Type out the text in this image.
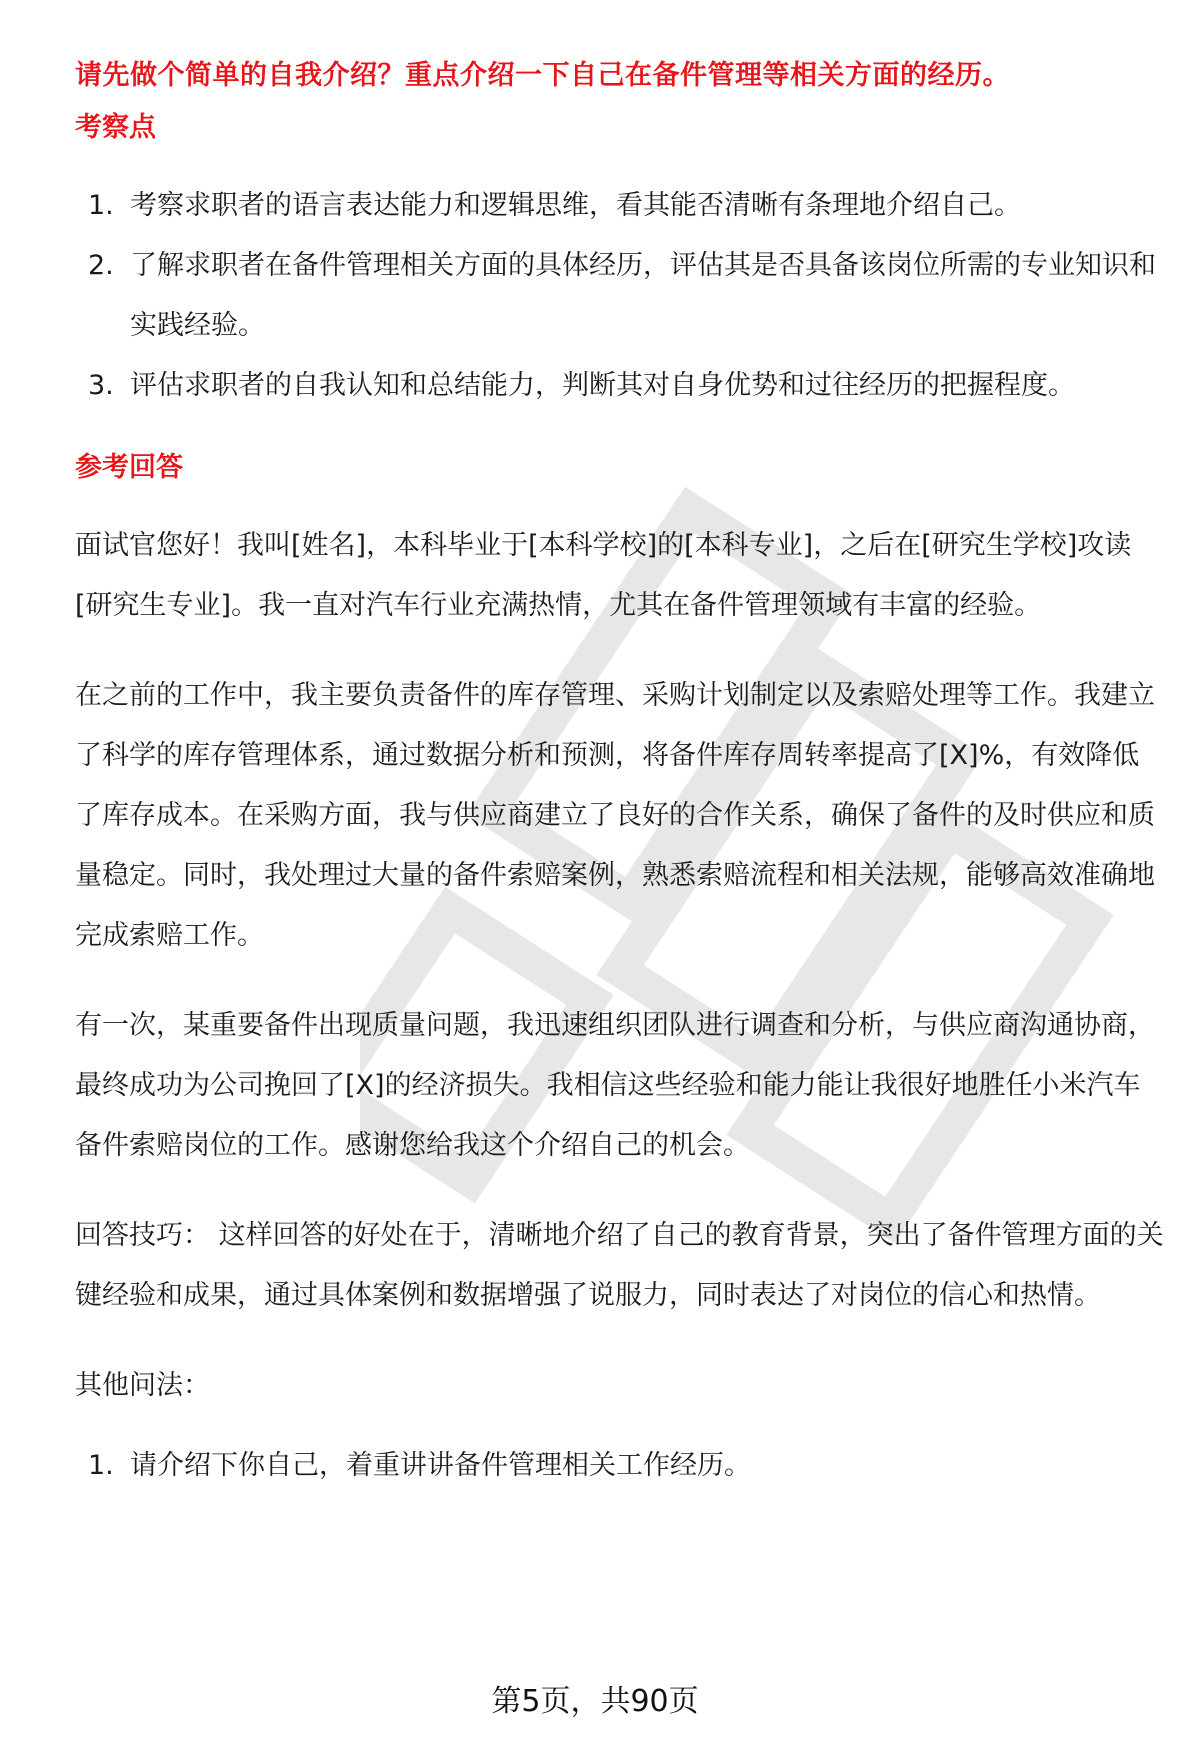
请先做个简单的自我介绍？重点介绍一下自己在备件管理等相关方面的经历。

考察点

1. 考察求职者的语言表达能力和逻辑思维，看其能否清晰有条理地介绍自己。
2. 了解求职者在备件管理相关方面的具体经历，评估其是否具备该岗位所需的专业知识和实践经验。
3. 评估求职者的自我认知和总结能力，判断其对自身优势和过往经历的把握程度。

参考回答

面试官您好！我叫[姓名]，本科毕业于[本科学校]的[本科专业]，之后在[研究生学校]攻读[研究生专业]。我一直对汽车行业充满热情，尤其在备件管理领域有丰富的经验。

在之前的工作中，我主要负责备件的库存管理、采购计划制定以及索赔处理等工作。我建立了科学的库存管理体系，通过数据分析和预测，将备件库存周转率提高了[X]%，有效降低了库存成本。在采购方面，我与供应商建立了良好的合作关系，确保了备件的及时供应和质量稳定。同时，我处理过大量的备件索赔案例，熟悉索赔流程和相关法规，能够高效准确地完成索赔工作。

有一次，某重要备件出现质量问题，我迅速组织团队进行调查和分析，与供应商沟通协商，最终成功为公司挽回了[X]的经济损失。我相信这些经验和能力能让我很好地胜任小米汽车备件索赔岗位的工作。感谢您给我这个介绍自己的机会。

回答技巧： 这样回答的好处在于，清晰地介绍了自己的教育背景，突出了备件管理方面的关键经验和成果，通过具体案例和数据增强了说服力，同时表达了对岗位的信心和热情。

其他问法：

1. 请介绍下你自己，着重讲讲备件管理相关工作经历。
第5页，共90页
